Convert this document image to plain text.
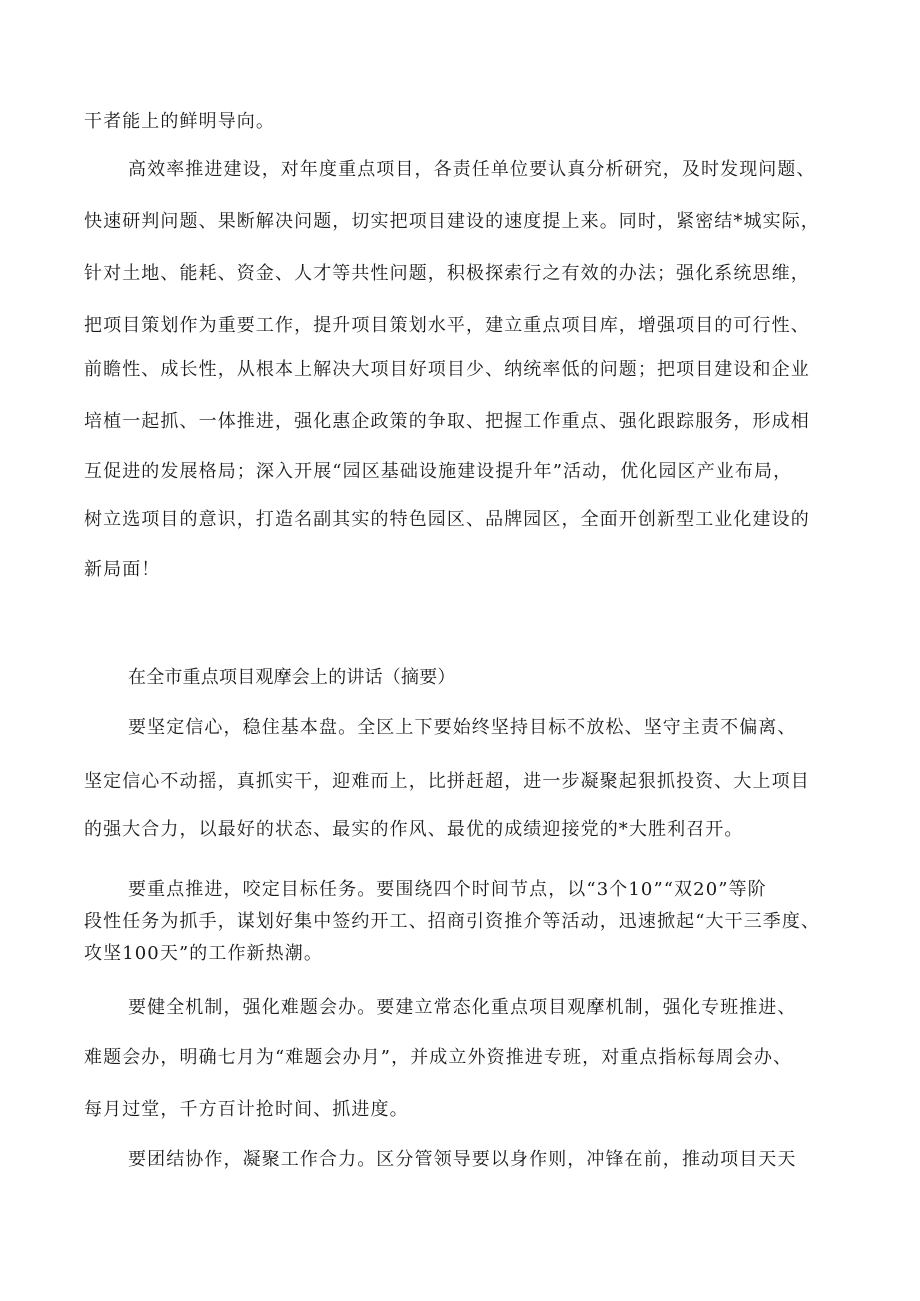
干者能上的鲜明导向。
高效率推进建设，对年度重点项目，各责任单位要认真分析研究，及时发现问题、
快速研判问题、果断解决问题，切实把项目建设的速度提上来。同时，紧密结*城实际，
针对土地、能耗、资金、人才等共性问题，积极探索行之有效的办法；强化系统思维，
把项目策划作为重要工作，提升项目策划水平，建立重点项目库，增强项目的可行性、
前瞻性、成长性，从根本上解决大项目好项目少、纳统率低的问题；把项目建设和企业
培植一起抓、一体推进，强化惠企政策的争取、把握工作重点、强化跟踪服务，形成相
互促进的发展格局；深入开展“园区基础设施建设提升年”活动，优化园区产业布局，
树立选项目的意识，打造名副其实的特色园区、品牌园区，全面开创新型工业化建设的
新局面！
在全市重点项目观摩会上的讲话（摘要）
要坚定信心，稳住基本盘。全区上下要始终坚持目标不放松、坚守主责不偏离、
坚定信心不动摇，真抓实干，迎难而上，比拼赶超，进一步凝聚起狠抓投资、大上项目
的强大合力，以最好的状态、最实的作风、最优的成绩迎接党的*大胜利召开。
要重点推进，咬定目标任务。要围绕四个时间节点，以“3个10”“双20”等阶
段性任务为抓手，谋划好集中签约开工、招商引资推介等活动，迅速掀起“大干三季度、
攻坚100天”的工作新热潮。
要健全机制，强化难题会办。要建立常态化重点项目观摩机制，强化专班推进、
难题会办，明确七月为“难题会办月”，并成立外资推进专班，对重点指标每周会办、
每月过堂，千方百计抢时间、抓进度。
要团结协作，凝聚工作合力。区分管领导要以身作则，冲锋在前，推动项目天天
